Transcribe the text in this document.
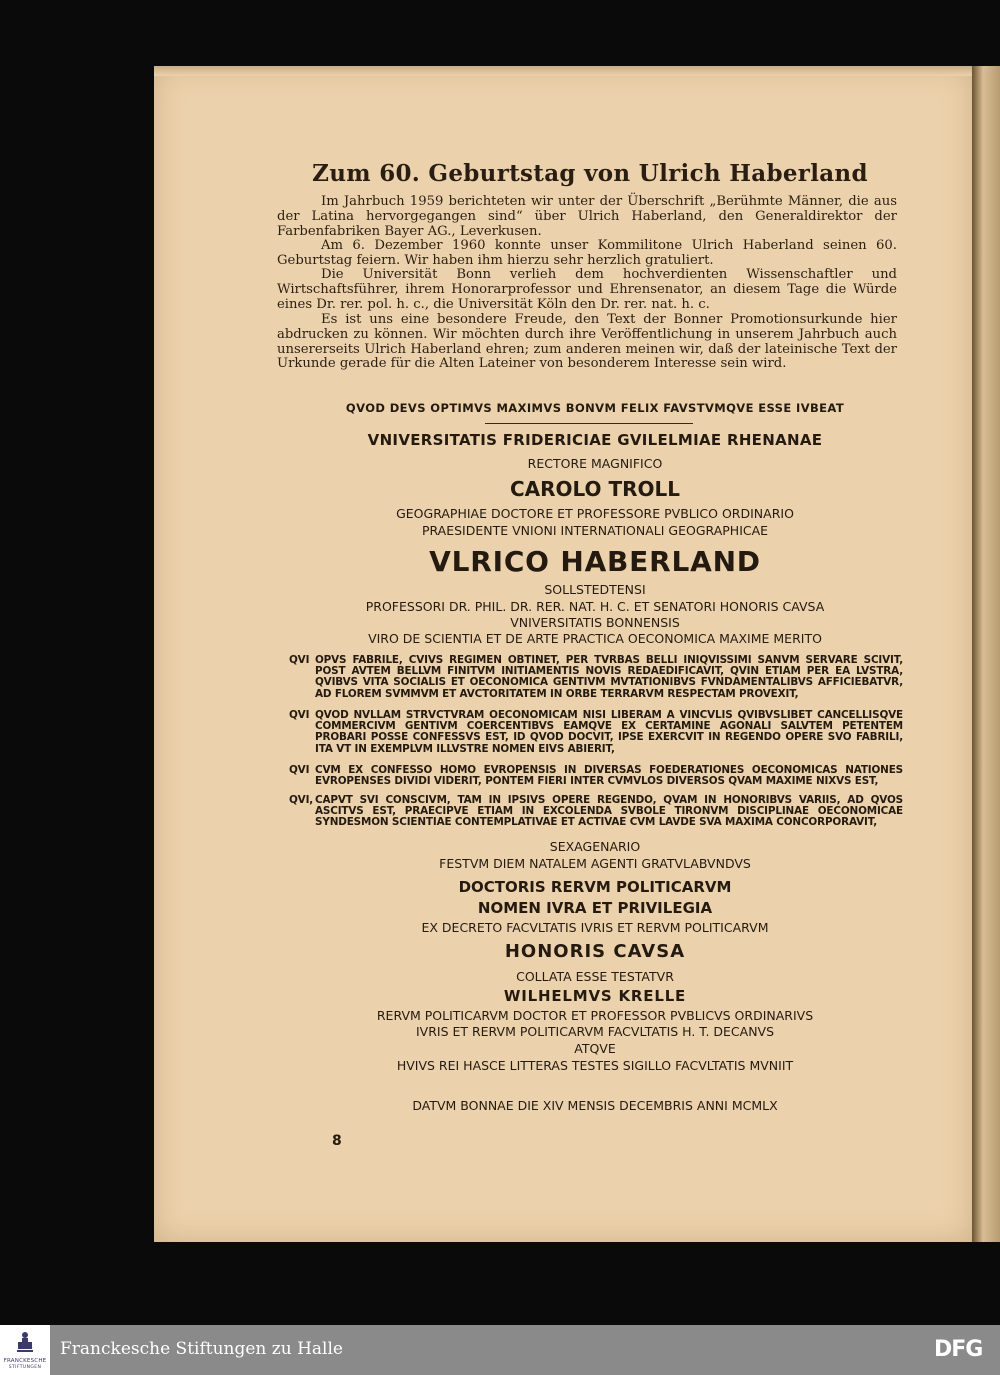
Zum 60. Geburtstag von Ulrich Haberland
Im Jahrbuch 1959 berichteten wir unter der Überschrift „Berühmte Männer, die aus der Latina hervorgegangen sind“ über Ulrich Haberland, den Generaldirektor der Farbenfabriken Bayer AG., Leverkusen.
Am 6. Dezember 1960 konnte unser Kommilitone Ulrich Haberland seinen 60. Geburtstag feiern. Wir haben ihm hierzu sehr herzlich gratuliert.
Die Universität Bonn verlieh dem hochverdienten Wissenschaftler und Wirtschaftsführer, ihrem Honorarprofessor und Ehrensenator, an diesem Tage die Würde eines Dr. rer. pol. h. c., die Universität Köln den Dr. rer. nat. h. c.
Es ist uns eine besondere Freude, den Text der Bonner Promotionsurkunde hier abdrucken zu können. Wir möchten durch ihre Veröffentlichung in unserem Jahrbuch auch unsererseits Ulrich Haberland ehren; zum anderen meinen wir, daß der lateinische Text der Urkunde gerade für die Alten Lateiner von besonderem Interesse sein wird.
QVOD DEVS OPTIMVS MAXIMVS BONVM FELIX FAVSTVMQVE ESSE IVBEAT
VNIVERSITATIS FRIDERICIAE GVILELMIAE RHENANAE
RECTORE MAGNIFICO
CAROLO TROLL
GEOGRAPHIAE DOCTORE ET PROFESSORE PVBLICO ORDINARIO
PRAESIDENTE VNIONI INTERNATIONALI GEOGRAPHICAE
VLRICO HABERLAND
SOLLSTEDTENSI
PROFESSORI DR. PHIL. DR. RER. NAT. H. C. ET SENATORI HONORIS CAVSA
VNIVERSITATIS BONNENSIS
VIRO DE SCIENTIA ET DE ARTE PRACTICA OECONOMICA MAXIME MERITO
QVI OPVS FABRILE, CVIVS REGIMEN OBTINET, PER TVRBAS BELLI INIQVISSIMI SANVM SERVARE SCIVIT, POST AVTEM BELLVM FINITVM INITIAMENTIS NOVIS REDAEDIFICAVIT, QVIN ETIAM PER EA LVSTRA, QVIBVS VITA SOCIALIS ET OECONOMICA GENTIVM MVTATIONIBVS FVNDAMENTALIBVS AFFICIEBATVR, AD FLOREM SVMMVM ET AVCTORITATEM IN ORBE TERRARVM RESPECTAM PROVEXIT,
QVI QVOD NVLLAM STRVCTVRAM OECONOMICAM NISI LIBERAM A VINCVLIS QVIBVSLIBET CANCELLISQVE COMMERCIVM GENTIVM COERCENTIBVS EAMQVE EX CERTAMINE AGONALI SALVTEM PETENTEM PROBARI POSSE CONFESSVS EST, ID QVOD DOCVIT, IPSE EXERCVIT IN REGENDO OPERE SVO FABRILI, ITA VT IN EXEMPLVM ILLVSTRE NOMEN EIVS ABIERIT,
QVI CVM EX CONFESSO HOMO EVROPENSIS IN DIVERSAS FOEDERATIONES OECONOMICAS NATIONES EVROPENSES DIVIDI VIDERIT, PONTEM FIERI INTER CVMVLOS DIVERSOS QVAM MAXIME NIXVS EST,
QVI, CAPVT SVI CONSCIVM, TAM IN IPSIVS OPERE REGENDO, QVAM IN HONORIBVS VARIIS, AD QVOS ASCITVS EST, PRAECIPVE ETIAM IN EXCOLENDA SVBOLE TIRONVM DISCIPLINAE OECONOMICAE SYNDESMON SCIENTIAE CONTEMPLATIVAE ET ACTIVAE CVM LAVDE SVA MAXIMA CONCORPORAVIT,
SEXAGENARIO
FESTVM DIEM NATALEM AGENTI GRATVLABVNDVS
DOCTORIS RERVM POLITICARVM
NOMEN IVRA ET PRIVILEGIA
EX DECRETO FACVLTATIS IVRIS ET RERVM POLITICARVM
HONORIS CAVSA
COLLATA ESSE TESTATVR
WILHELMVS KRELLE
RERVM POLITICARVM DOCTOR ET PROFESSOR PVBLICVS ORDINARIVS
IVRIS ET RERVM POLITICARVM FACVLTATIS H. T. DECANVS
ATQVE
HVIVS REI HASCE LITTERAS TESTES SIGILLO FACVLTATIS MVNIIT
DATVM BONNAE DIE XIV MENSIS DECEMBRIS ANNI MCMLX
8
FRANCKESCHE
STIFTUNGEN
Franckesche Stiftungen zu Halle	DFG
